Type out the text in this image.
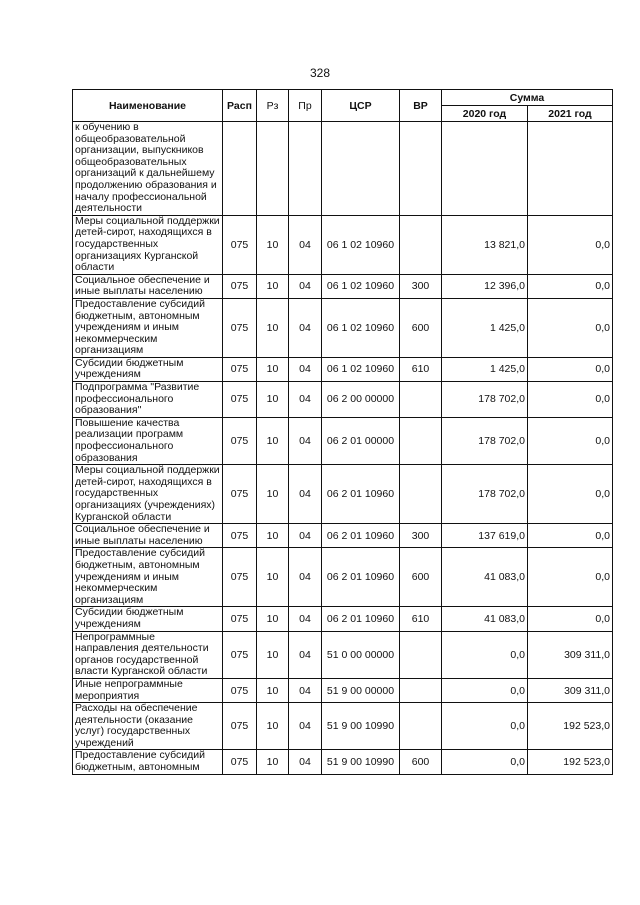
328
Наименование	Расп	Рз	Пр	ЦСР	ВР	Сумма	
						2020 год	2021 год
к обучению в общеобразовательной организации, выпускников общеобразовательных организаций к дальнейшему продолжению образования и началу профессиональной деятельности							
Меры социальной поддержки детей-сирот, находящихся в государственных организациях Курганской области	075	10	04	06 1 02 10960		13 821,0	0,0
Социальное обеспечение и иные выплаты населению	075	10	04	06 1 02 10960	300	12 396,0	0,0
Предоставление субсидий бюджетным, автономным учреждениям и иным некоммерческим организациям	075	10	04	06 1 02 10960	600	1 425,0	0,0
Субсидии бюджетным учреждениям	075	10	04	06 1 02 10960	610	1 425,0	0,0
Подпрограмма "Развитие профессионального образования"	075	10	04	06 2 00 00000		178 702,0	0,0
Повышение качества реализации программ профессионального образования	075	10	04	06 2 01 00000		178 702,0	0,0
Меры социальной поддержки детей-сирот, находящихся в государственных организациях (учреждениях) Курганской области	075	10	04	06 2 01 10960		178 702,0	0,0
Социальное обеспечение и иные выплаты населению	075	10	04	06 2 01 10960	300	137 619,0	0,0
Предоставление субсидий бюджетным, автономным учреждениям и иным некоммерческим организациям	075	10	04	06 2 01 10960	600	41 083,0	0,0
Субсидии бюджетным учреждениям	075	10	04	06 2 01 10960	610	41 083,0	0,0
Непрограммные направления деятельности органов государственной власти Курганской области	075	10	04	51 0 00 00000		0,0	309 311,0
Иные непрограммные мероприятия	075	10	04	51 9 00 00000		0,0	309 311,0
Расходы на обеспечение деятельности (оказание услуг) государственных учреждений	075	10	04	51 9 00 10990		0,0	192 523,0
Предоставление субсидий бюджетным, автономным	075	10	04	51 9 00 10990	600	0,0	192 523,0
